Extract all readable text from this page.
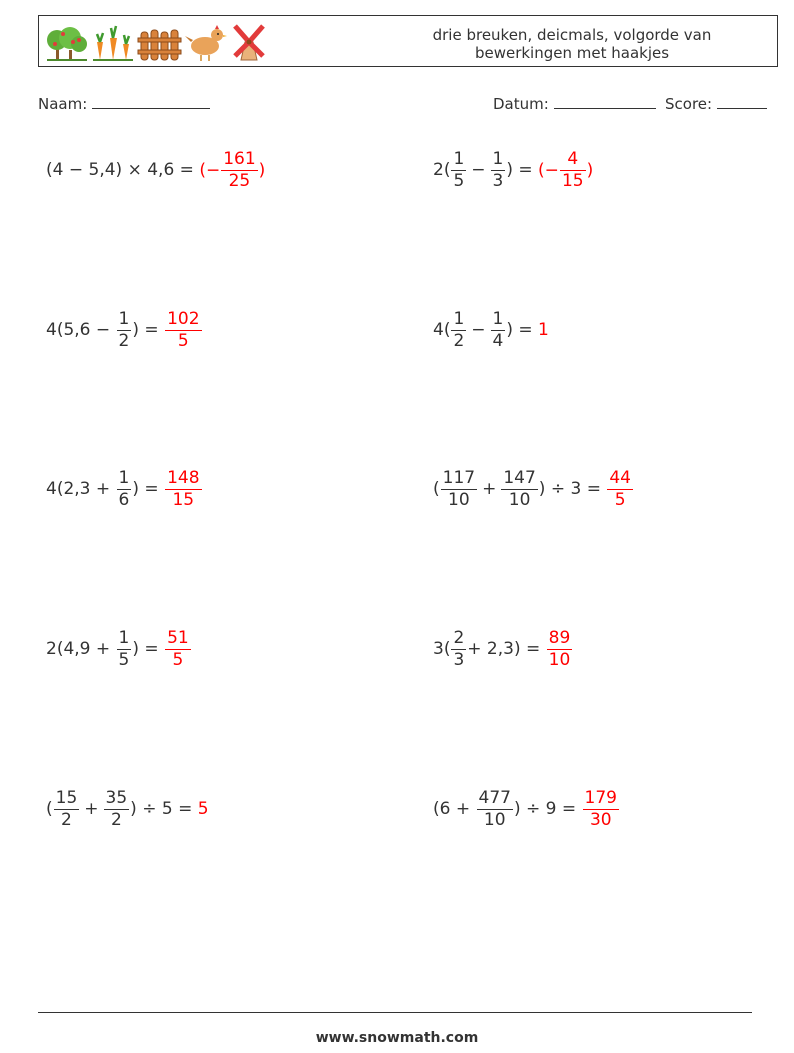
drie breuken, deicmals, volgorde van bewerkingen met haakjes
Naam:	Datum:	Score:
(4 − 5,4) × 4,6 = (− $\frac{161}{25}$ )	$2( \frac{1}{5} - \frac{1}{3}$ ) = (− $\frac{4}{15}$ )
$4(5,6 - \frac{1}{2}$ ) = $\frac{102}{5}$	$4( \frac{1}{2} - \frac{1}{4}$ ) = 1
$4(2,3 + \frac{1}{6}$ ) = $\frac{148}{15}$	( $\frac{117}{10} + \frac{147}{10}$ ) ÷ $3 = \frac{44}{5}$
$2(4,9 + \frac{1}{5}$ ) = $\frac{51}{5}$	$3( \frac{2}{3} + 2,3) = \frac{89}{10}$
( $\frac{15}{2} + \frac{35}{2}$ ) ÷ 5 = 5	($6 + \frac{477}{10}$ ) ÷ $9 = \frac{179}{30}$
www.snowmath.com
